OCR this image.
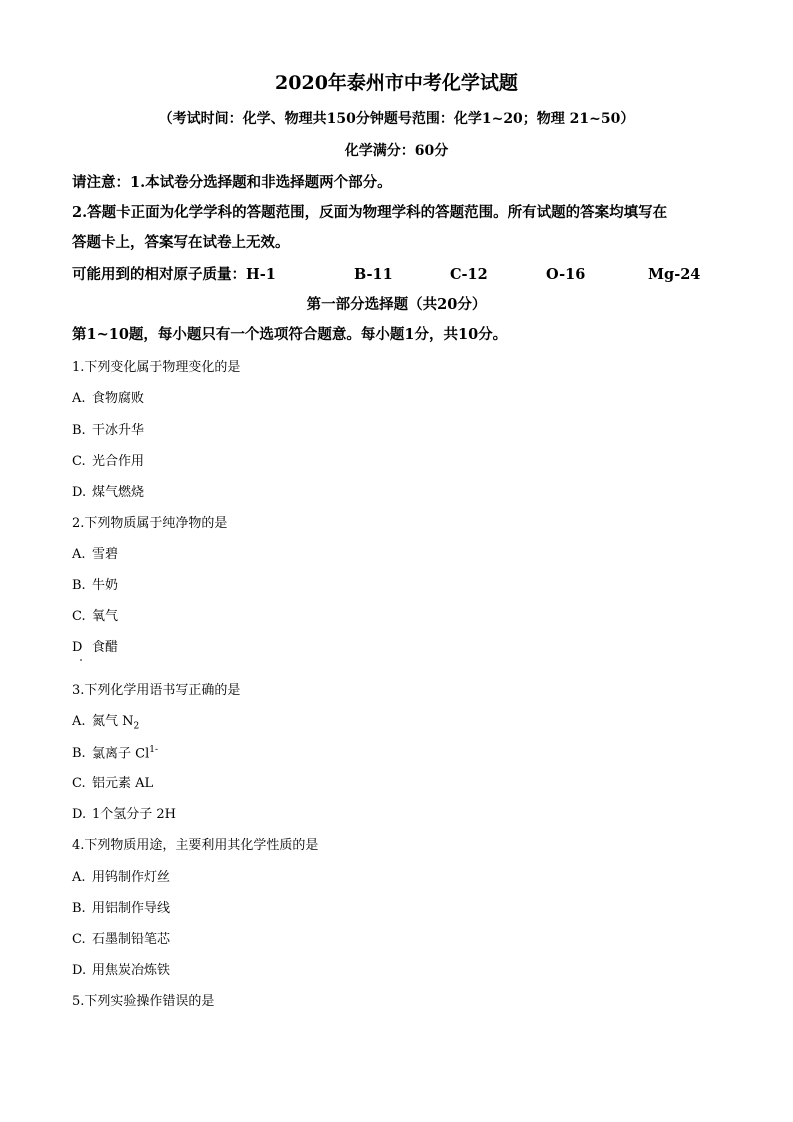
2020年泰州市中考化学试题
（考试时间：化学、物理共150分钟题号范围：化学1~20；物理 21~50）
化学满分：60分
请注意：1.本试卷分选择题和非选择题两个部分。
2.答题卡正面为化学学科的答题范围，反面为物理学科的答题范围。所有试题的答案均填写在
答题卡上，答案写在试卷上无效。
可能用到的相对原子质量：H-1	B-11	C-12	O-16	Mg-24
第一部分选择题（共20分）
第1~10题，每小题只有一个选项符合题意。每小题1分，共10分。
1.下列变化属于物理变化的是
A. 食物腐败
B. 干冰升华
C. 光合作用
D. 煤气燃烧
2.下列物质属于纯净物的是
A. 雪碧
B. 牛奶
C. 氧气
D 食醋
3.下列化学用语书写正确的是
A. 氮气 $N_2$
B. 氯离子 $Cl^{1-}$
C. 铝元素 AL
D. 1个氢分子 2H
4.下列物质用途，主要利用其化学性质的是
A. 用钨制作灯丝
B. 用铝制作导线
C. 石墨制铅笔芯
D. 用焦炭冶炼铁
5.下列实验操作错误的是
